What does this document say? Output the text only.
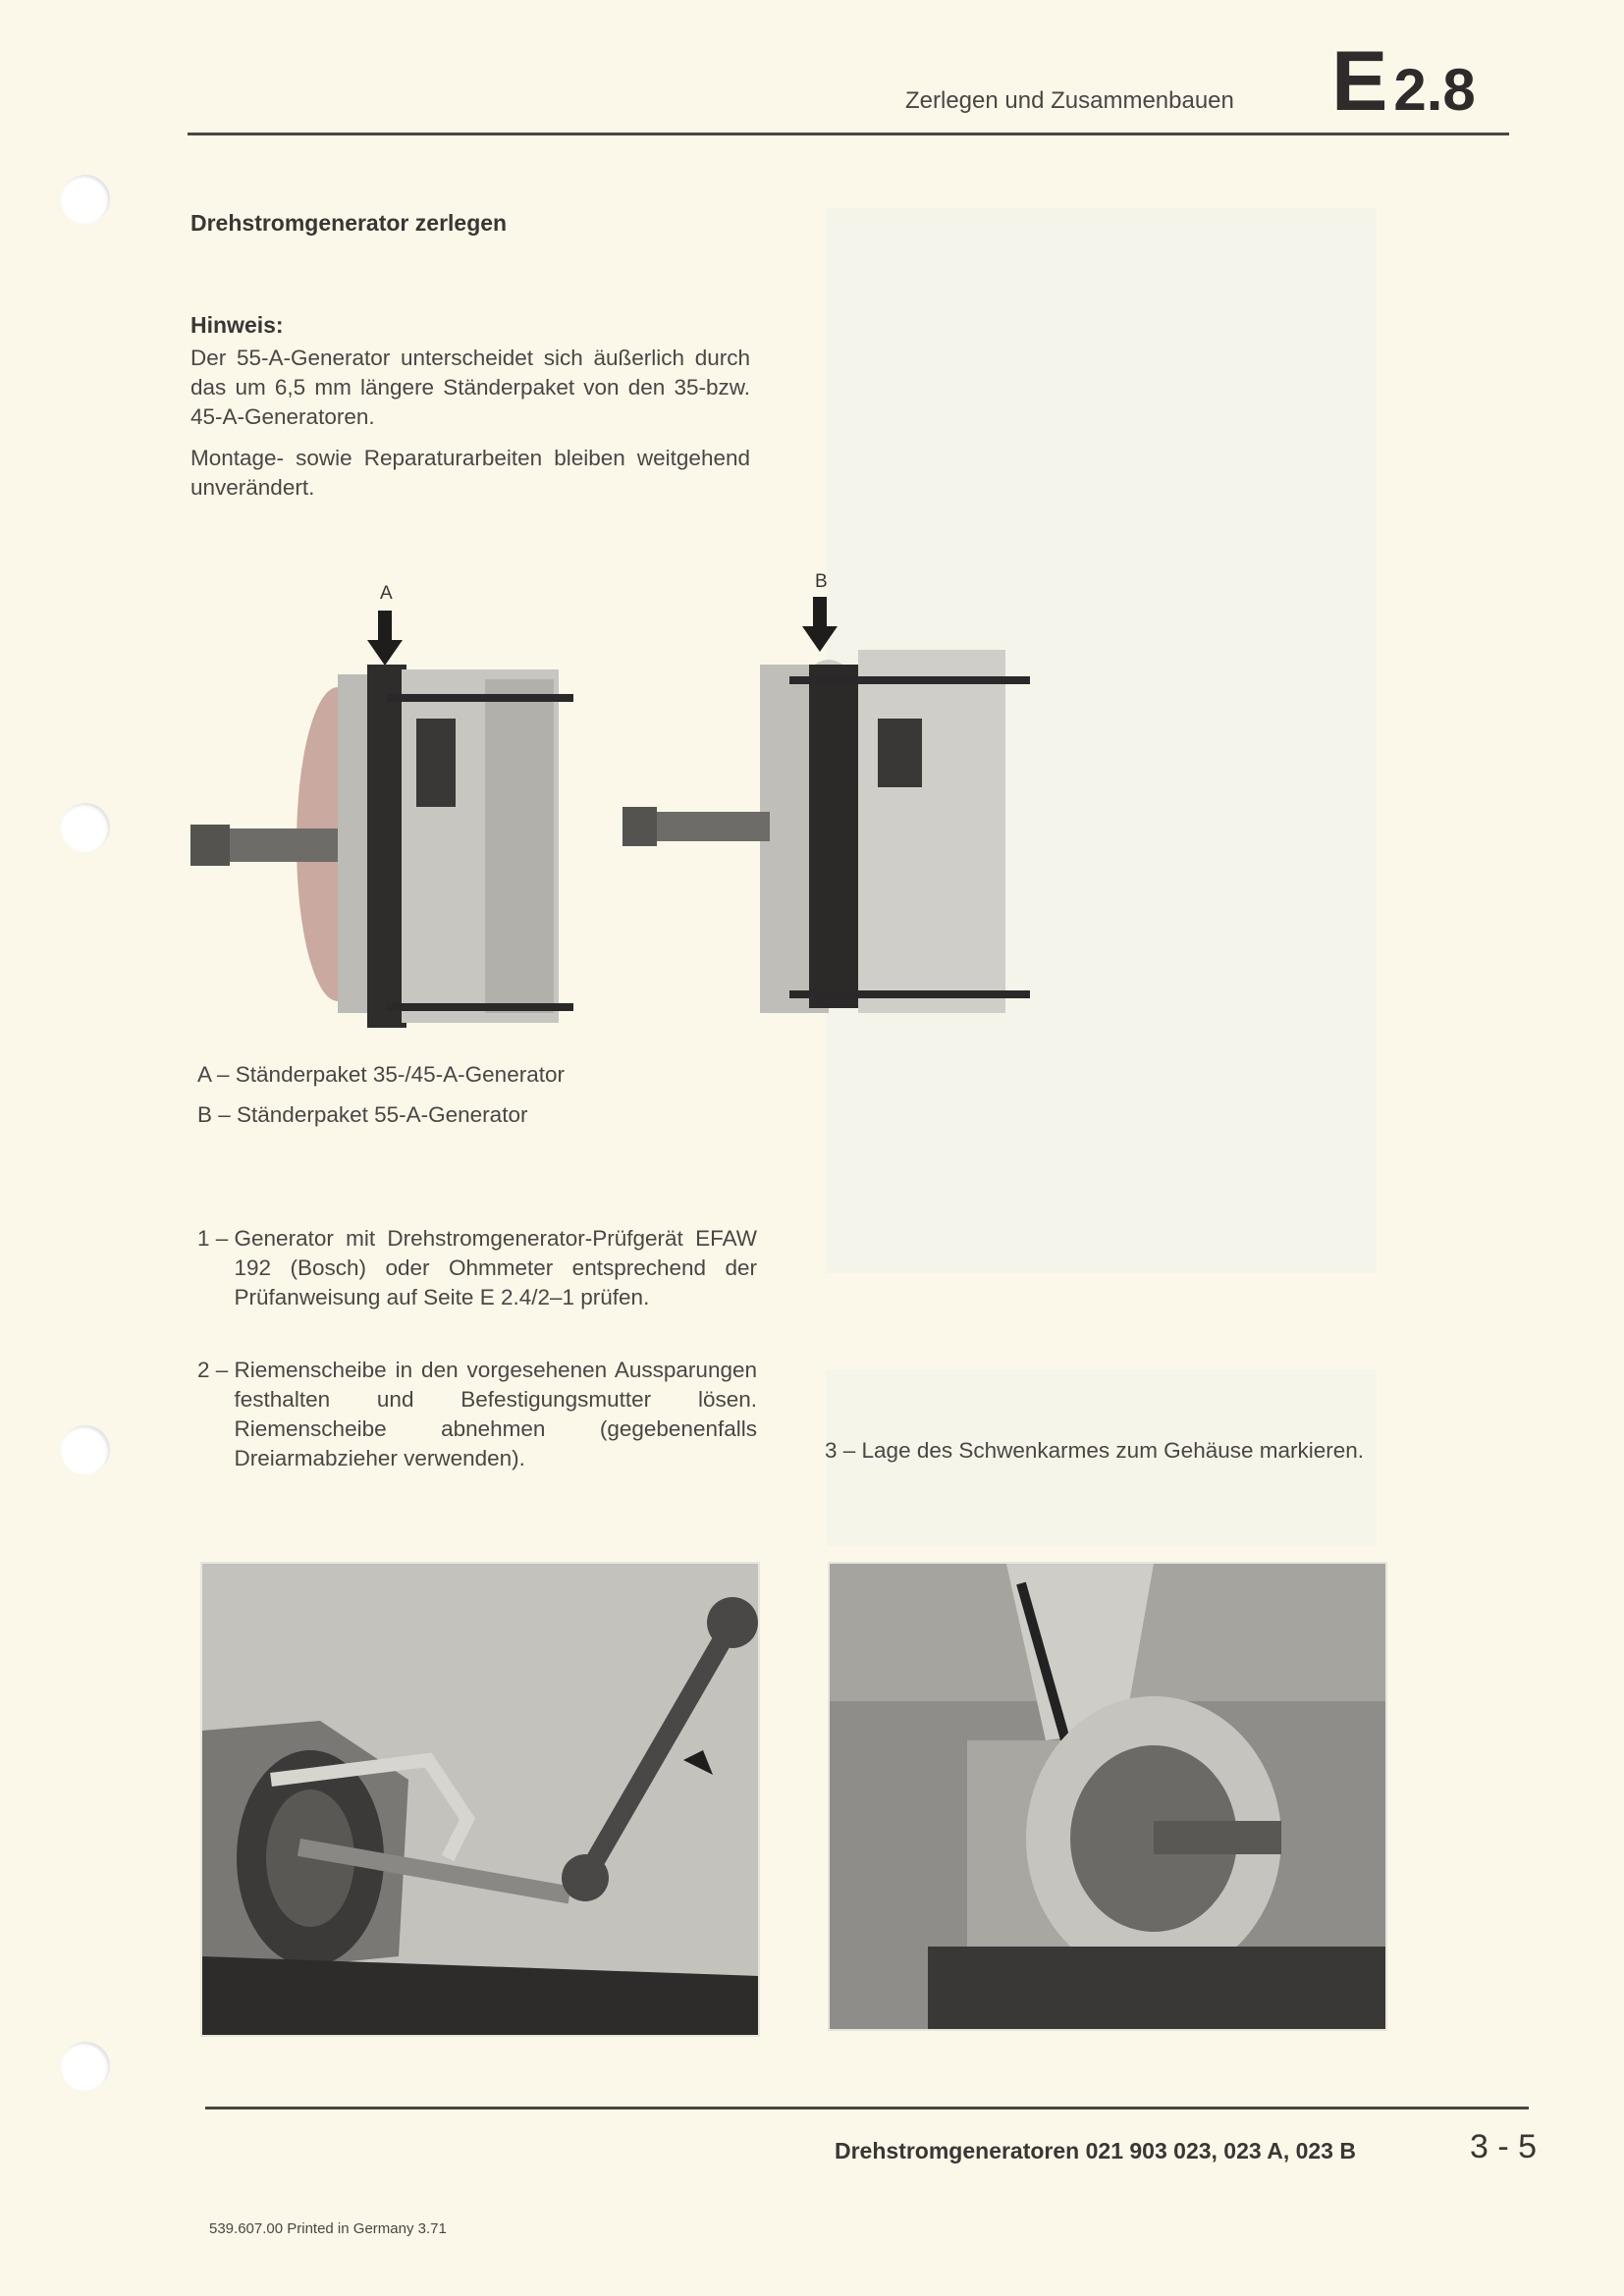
Zerlegen und Zusammenbauen E 2.8
Drehstromgenerator zerlegen
Hinweis:
Der 55-A-Generator unterscheidet sich äußerlich durch das um 6,5 mm längere Ständerpaket von den 35-bzw. 45-A-Generatoren.
Montage- sowie Reparaturarbeiten bleiben weitgehend unverändert.
A
B
A – Ständerpaket 35-/45-A-Generator
B – Ständerpaket 55-A-Generator
1 – Generator mit Drehstromgenerator-Prüfgerät EFAW 192 (Bosch) oder Ohmmeter entsprechend der Prüfanweisung auf Seite E 2.4/2–1 prüfen.
2 – Riemenscheibe in den vorgesehenen Aussparungen festhalten und Befestigungsmutter lösen. Riemenscheibe abnehmen (gegebenenfalls Dreiarmabzieher verwenden).	3 – Lage des Schwenkarmes zum Gehäuse markieren.
Drehstromgeneratoren 021 903 023, 023 A, 023 B	3 - 5
539.607.00 Printed in Germany 3.71
